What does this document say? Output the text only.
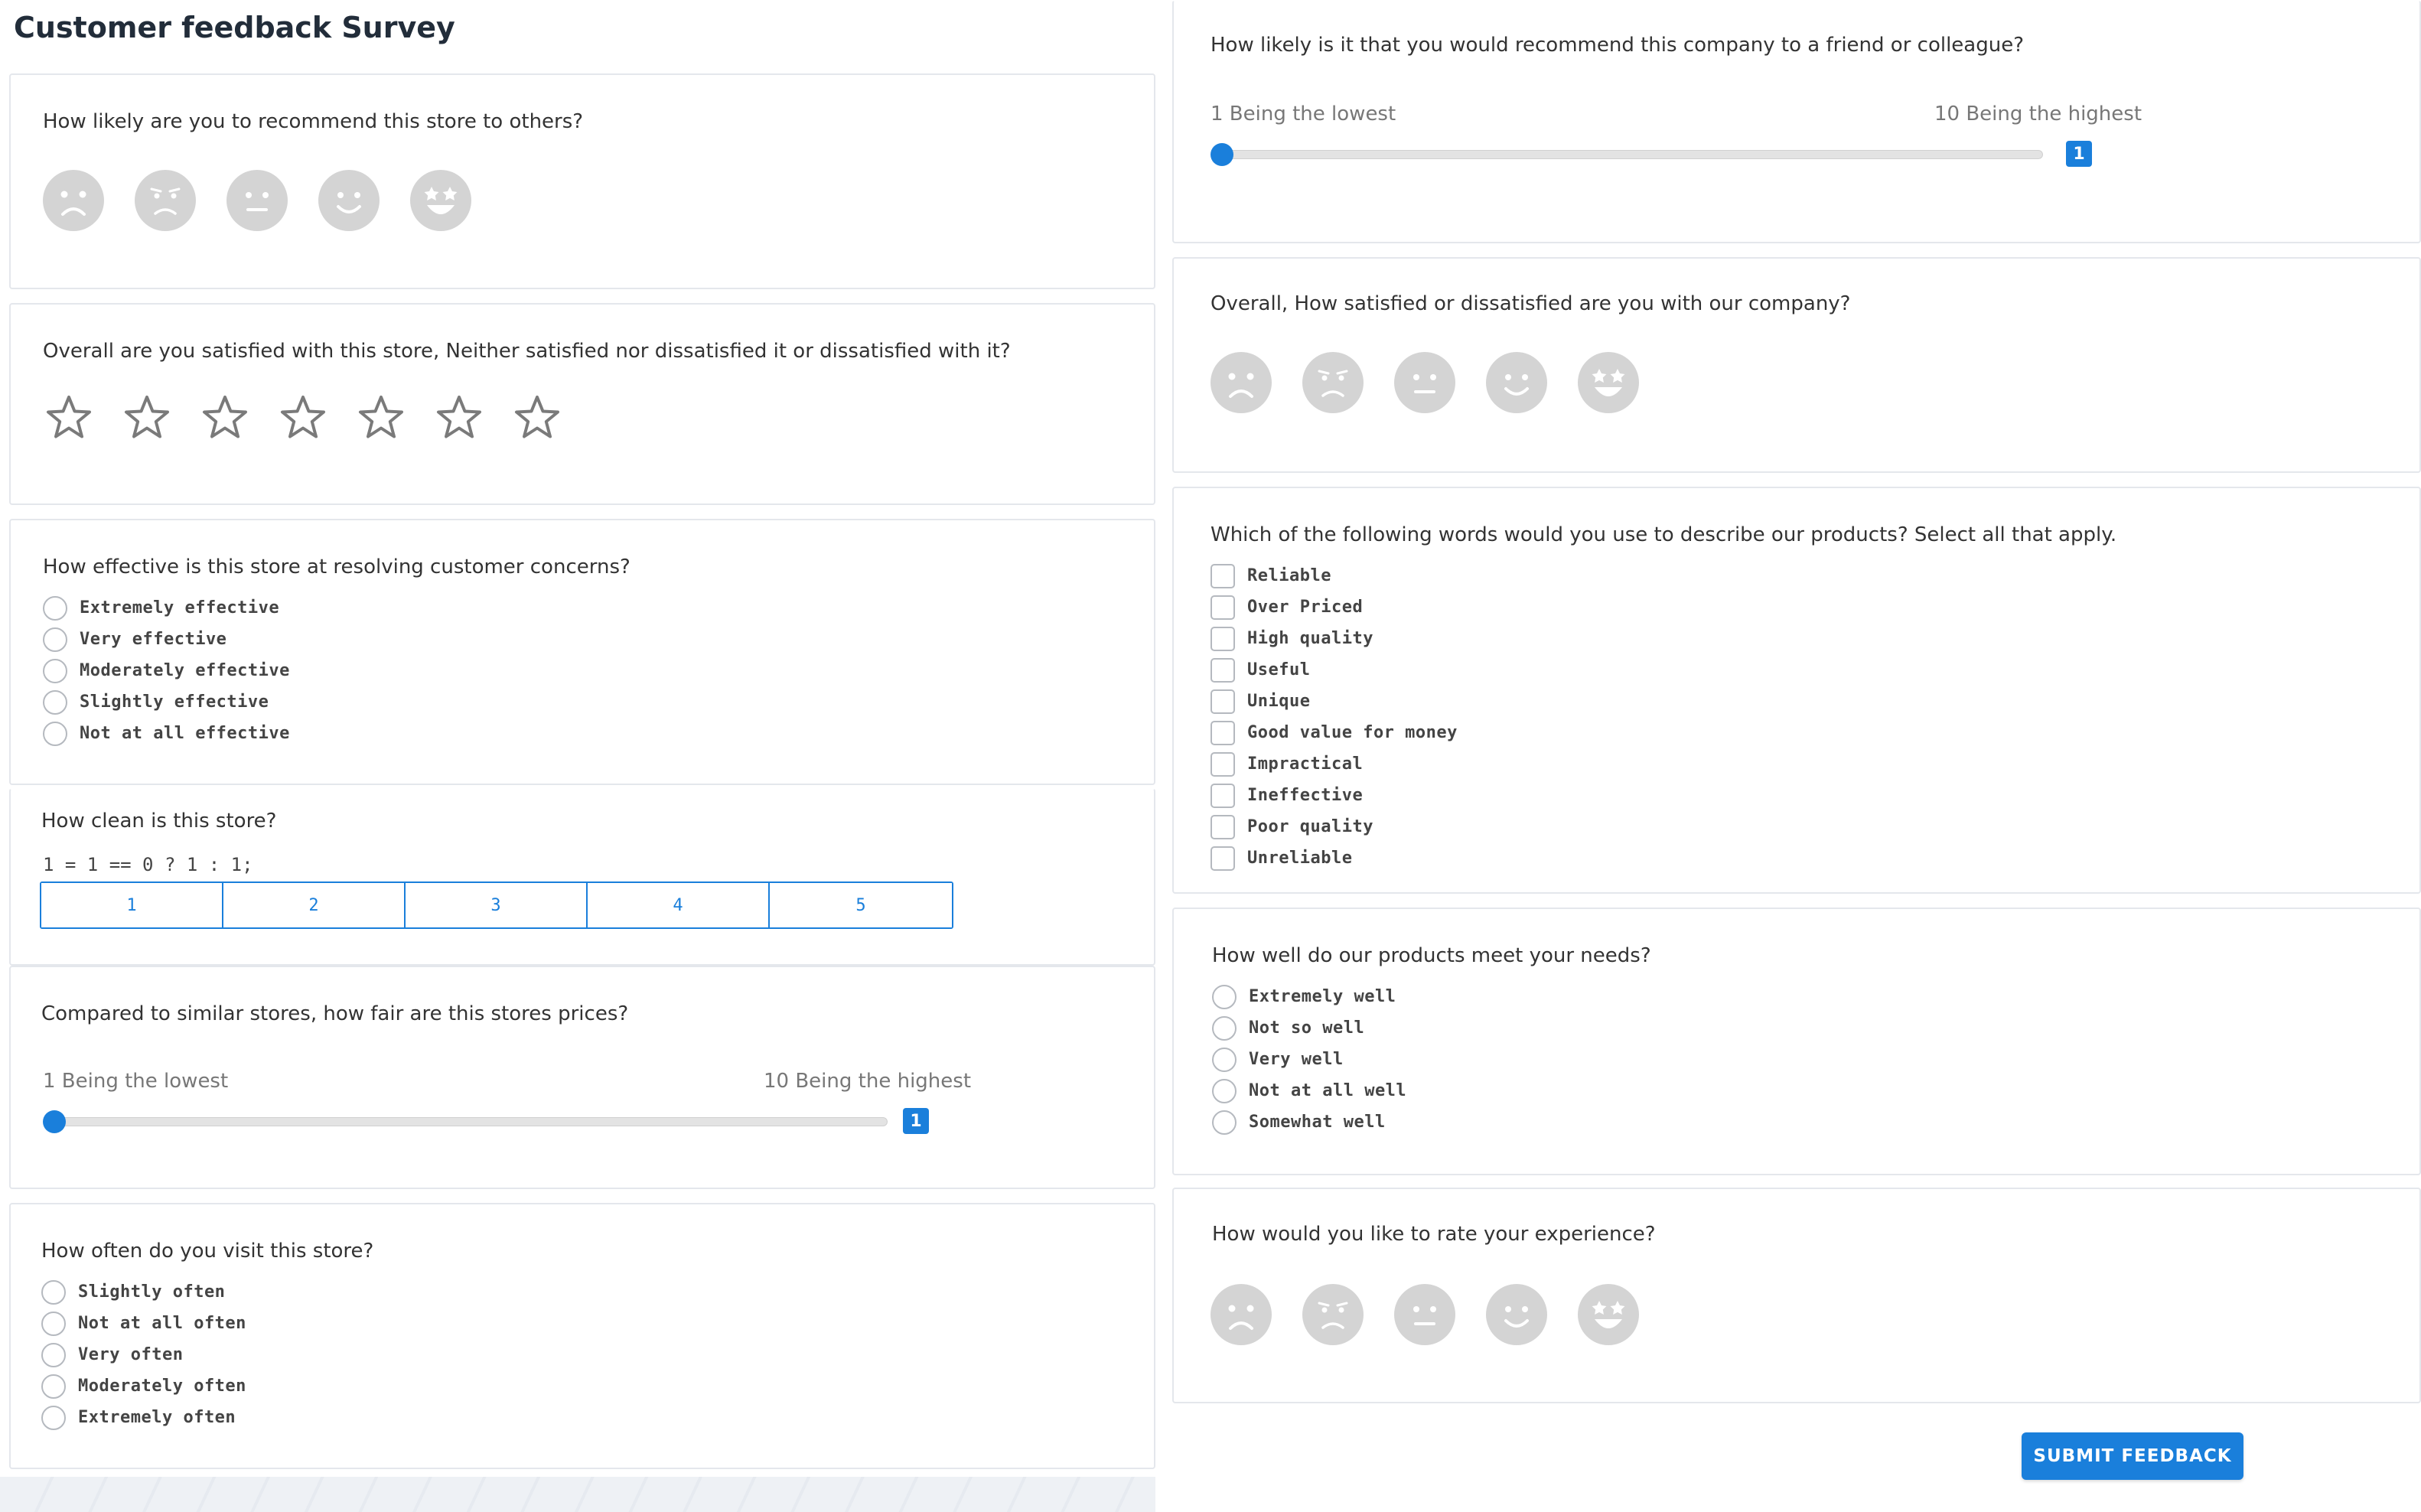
Customer feedback Survey
How likely are you to recommend this store to others?
Overall are you satisfied with this store, Neither satisfied nor dissatisfied it or dissatisfied with it?
How effective is this store at resolving customer concerns?
Extremely effective
Very effective
Moderately effective
Slightly effective
Not at all effective
How clean is this store?
1 = 1 == 0 ? 1 : 1;
1	2	3	4	5
Compared to similar stores, how fair are this stores prices?
1 Being the lowest	10 Being the highest
1
How often do you visit this store?
Slightly often
Not at all often
Very often
Moderately often
Extremely often
How likely is it that you would recommend this company to a friend or colleague?
1 Being the lowest	10 Being the highest
1
Overall, How satisfied or dissatisfied are you with our company?
Which of the following words would you use to describe our products? Select all that apply.
Reliable
Over Priced
High quality
Useful
Unique
Good value for money
Impractical
Ineffective
Poor quality
Unreliable
How well do our products meet your needs?
Extremely well
Not so well
Very well
Not at all well
Somewhat well
How would you like to rate your experience?
SUBMIT FEEDBACK
